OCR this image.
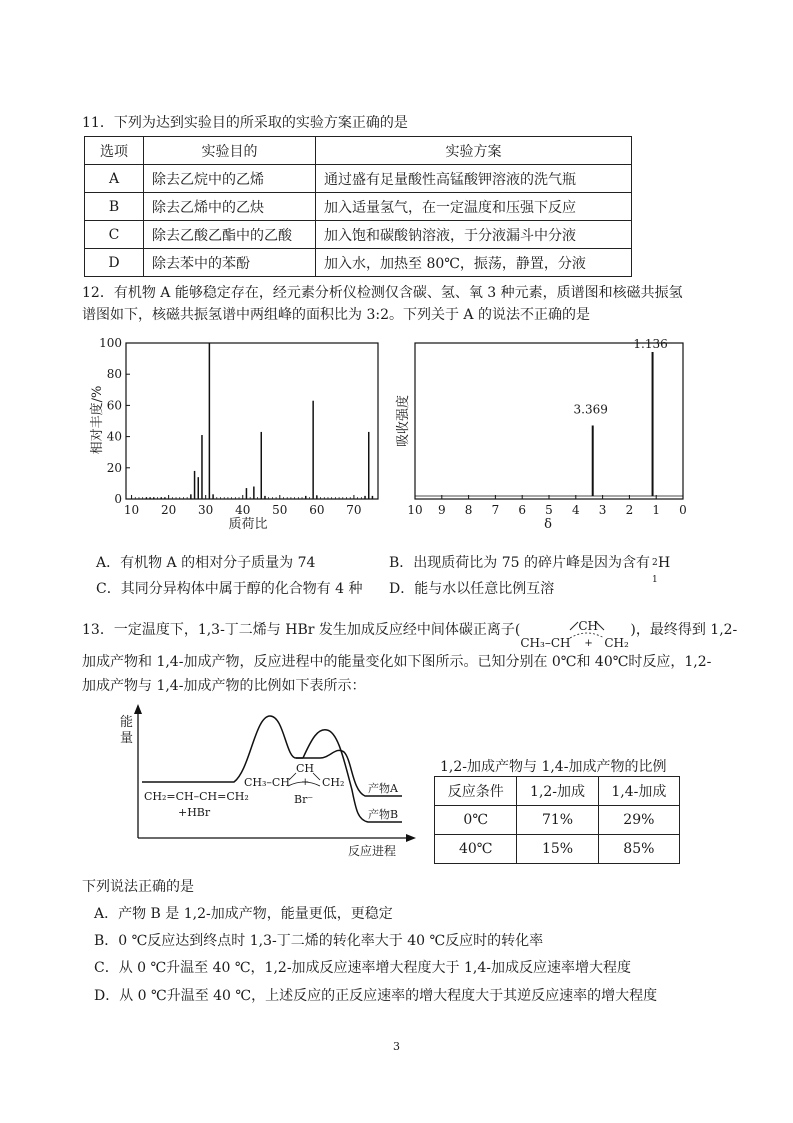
11．下列为达到实验目的所采取的实验方案正确的是
选项	实验目的	实验方案
A	除去乙烷中的乙烯	通过盛有足量酸性高锰酸钾溶液的洗气瓶
B	除去乙烯中的乙炔	加入适量氢气，在一定温度和压强下反应
C	除去乙酸乙酯中的乙酸	加入饱和碳酸钠溶液，于分液漏斗中分液
D	除去苯中的苯酚	加入水，加热至 80℃，振荡，静置，分液
12．有机物 A 能够稳定存在，经元素分析仪检测仅含碳、氢、氧 3 种元素，质谱图和核磁共振氢
谱图如下，核磁共振氢谱中两组峰的面积比为 3:2。下列关于 A 的说法不正确的是
相对丰度/%
质荷比
0
20
40
60
80
100
10 20 30 40 50 60 70
吸收强度
δ
10 9 8 7 6 5 4 3 2 1 0
3.369
1.136
A．有机物 A 的相对分子质量为 74	B．出现质荷比为 75 的碎片峰是因为含有 2
1
H
C．其同分异构体中属于醇的化合物有 4 种 D．能与水以任意比例互溶
13．一定温度下，1,3-丁二烯与 HBr 发生加成反应经中间体碳正离子(
CH₃–CH
CH
+ CH₂
)，最终得到 1,2-
加成产物和 1,4-加成产物，反应进程中的能量变化如下图所示。已知分别在 0℃和 40℃时反应，1,2-
加成产物与 1,4-加成产物的比例如下表所示：
能
量
反应进程
CH₂=CH–CH=CH₂
+HBr
CH₃–CH
CH
+ CH₂
Br⁻
产物A
产物B
1,2-加成产物与 1,4-加成产物的比例
反应条件	1,2-加成	1,4-加成
0℃	71%	29%
40℃	15%	85%
下列说法正确的是
A．产物 B 是 1,2-加成产物，能量更低，更稳定
B．0 ℃反应达到终点时 1,3-丁二烯的转化率大于 40 ℃反应时的转化率
C．从 0 ℃升温至 40 ℃，1,2-加成反应速率增大程度大于 1,4-加成反应速率增大程度
D．从 0 ℃升温至 40 ℃，上述反应的正反应速率的增大程度大于其逆反应速率的增大程度
3
